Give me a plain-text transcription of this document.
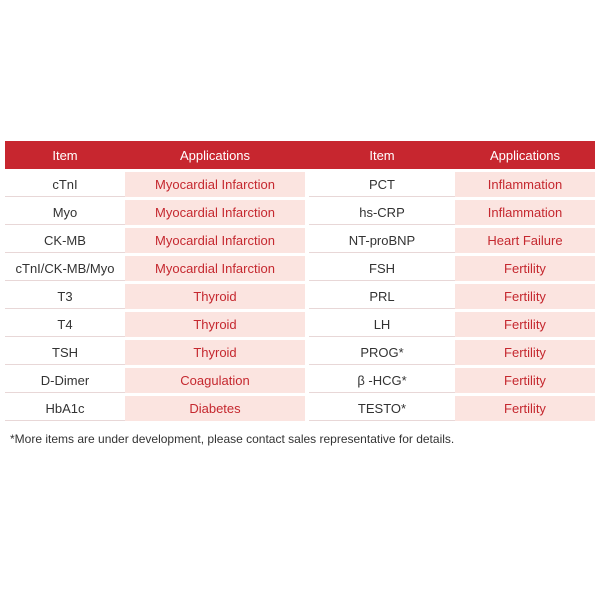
Item	Applications	Item	Applications
cTnI	Myocardial Infarction	PCT	Inflammation
Myo	Myocardial Infarction	hs-CRP	Inflammation
CK-MB	Myocardial Infarction	NT-proBNP	Heart Failure
cTnI/CK-MB/Myo	Myocardial Infarction	FSH	Fertility
T3	Thyroid	PRL	Fertility
T4	Thyroid	LH	Fertility
TSH	Thyroid	PROG*	Fertility
D-Dimer	Coagulation	β -HCG*	Fertility
HbA1c	Diabetes	TESTO*	Fertility
*More items are under development, please contact sales representative for details.
